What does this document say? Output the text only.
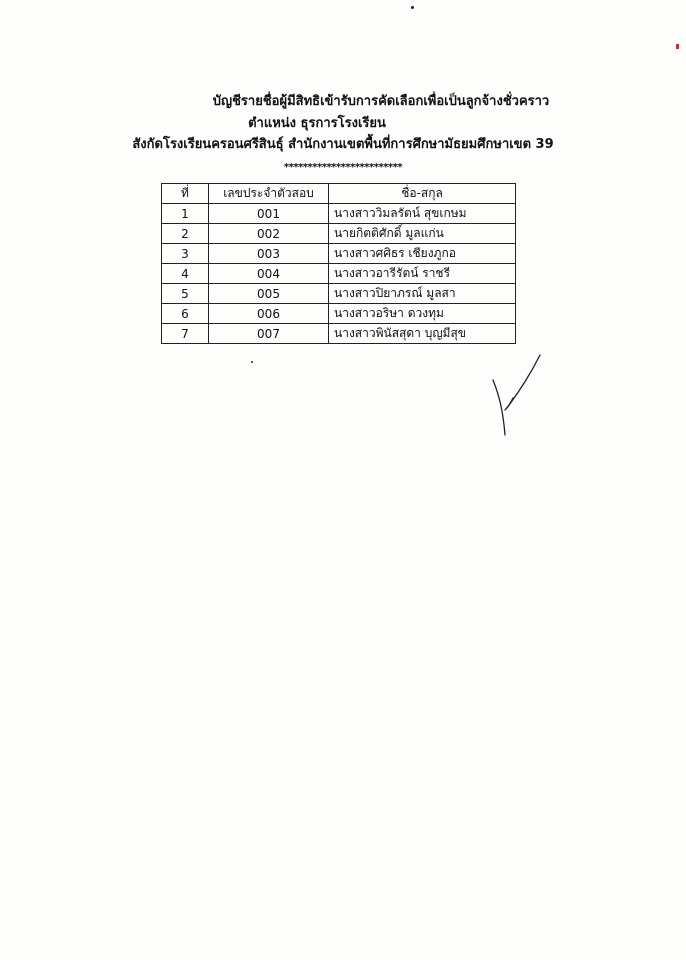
บัญชีรายชื่อผู้มีสิทธิเข้ารับการคัดเลือกเพื่อเป็นลูกจ้างชั่วคราว
ตำแหน่ง ธุรการโรงเรียน
สังกัดโรงเรียนครอนศรีสินธุ์ สำนักงานเขตพื้นที่การศึกษามัธยมศึกษาเขต 39
*************************
ที่	เลขประจำตัวสอบ	ชื่อ-สกุล
1	001	นางสาววิมลรัตน์ สุขเกษม
2	002	นายกิตติศักดิ์ มูลแก่น
3	003	นางสาวศศิธร เชียงภูกอ
4	004	นางสาวอารีรัตน์ ราชรี
5	005	นางสาวปิยาภรณ์ มูลสา
6	006	นางสาวอริษา ดวงทุม
7	007	นางสาวพินัสสุดา บุญมีสุข
